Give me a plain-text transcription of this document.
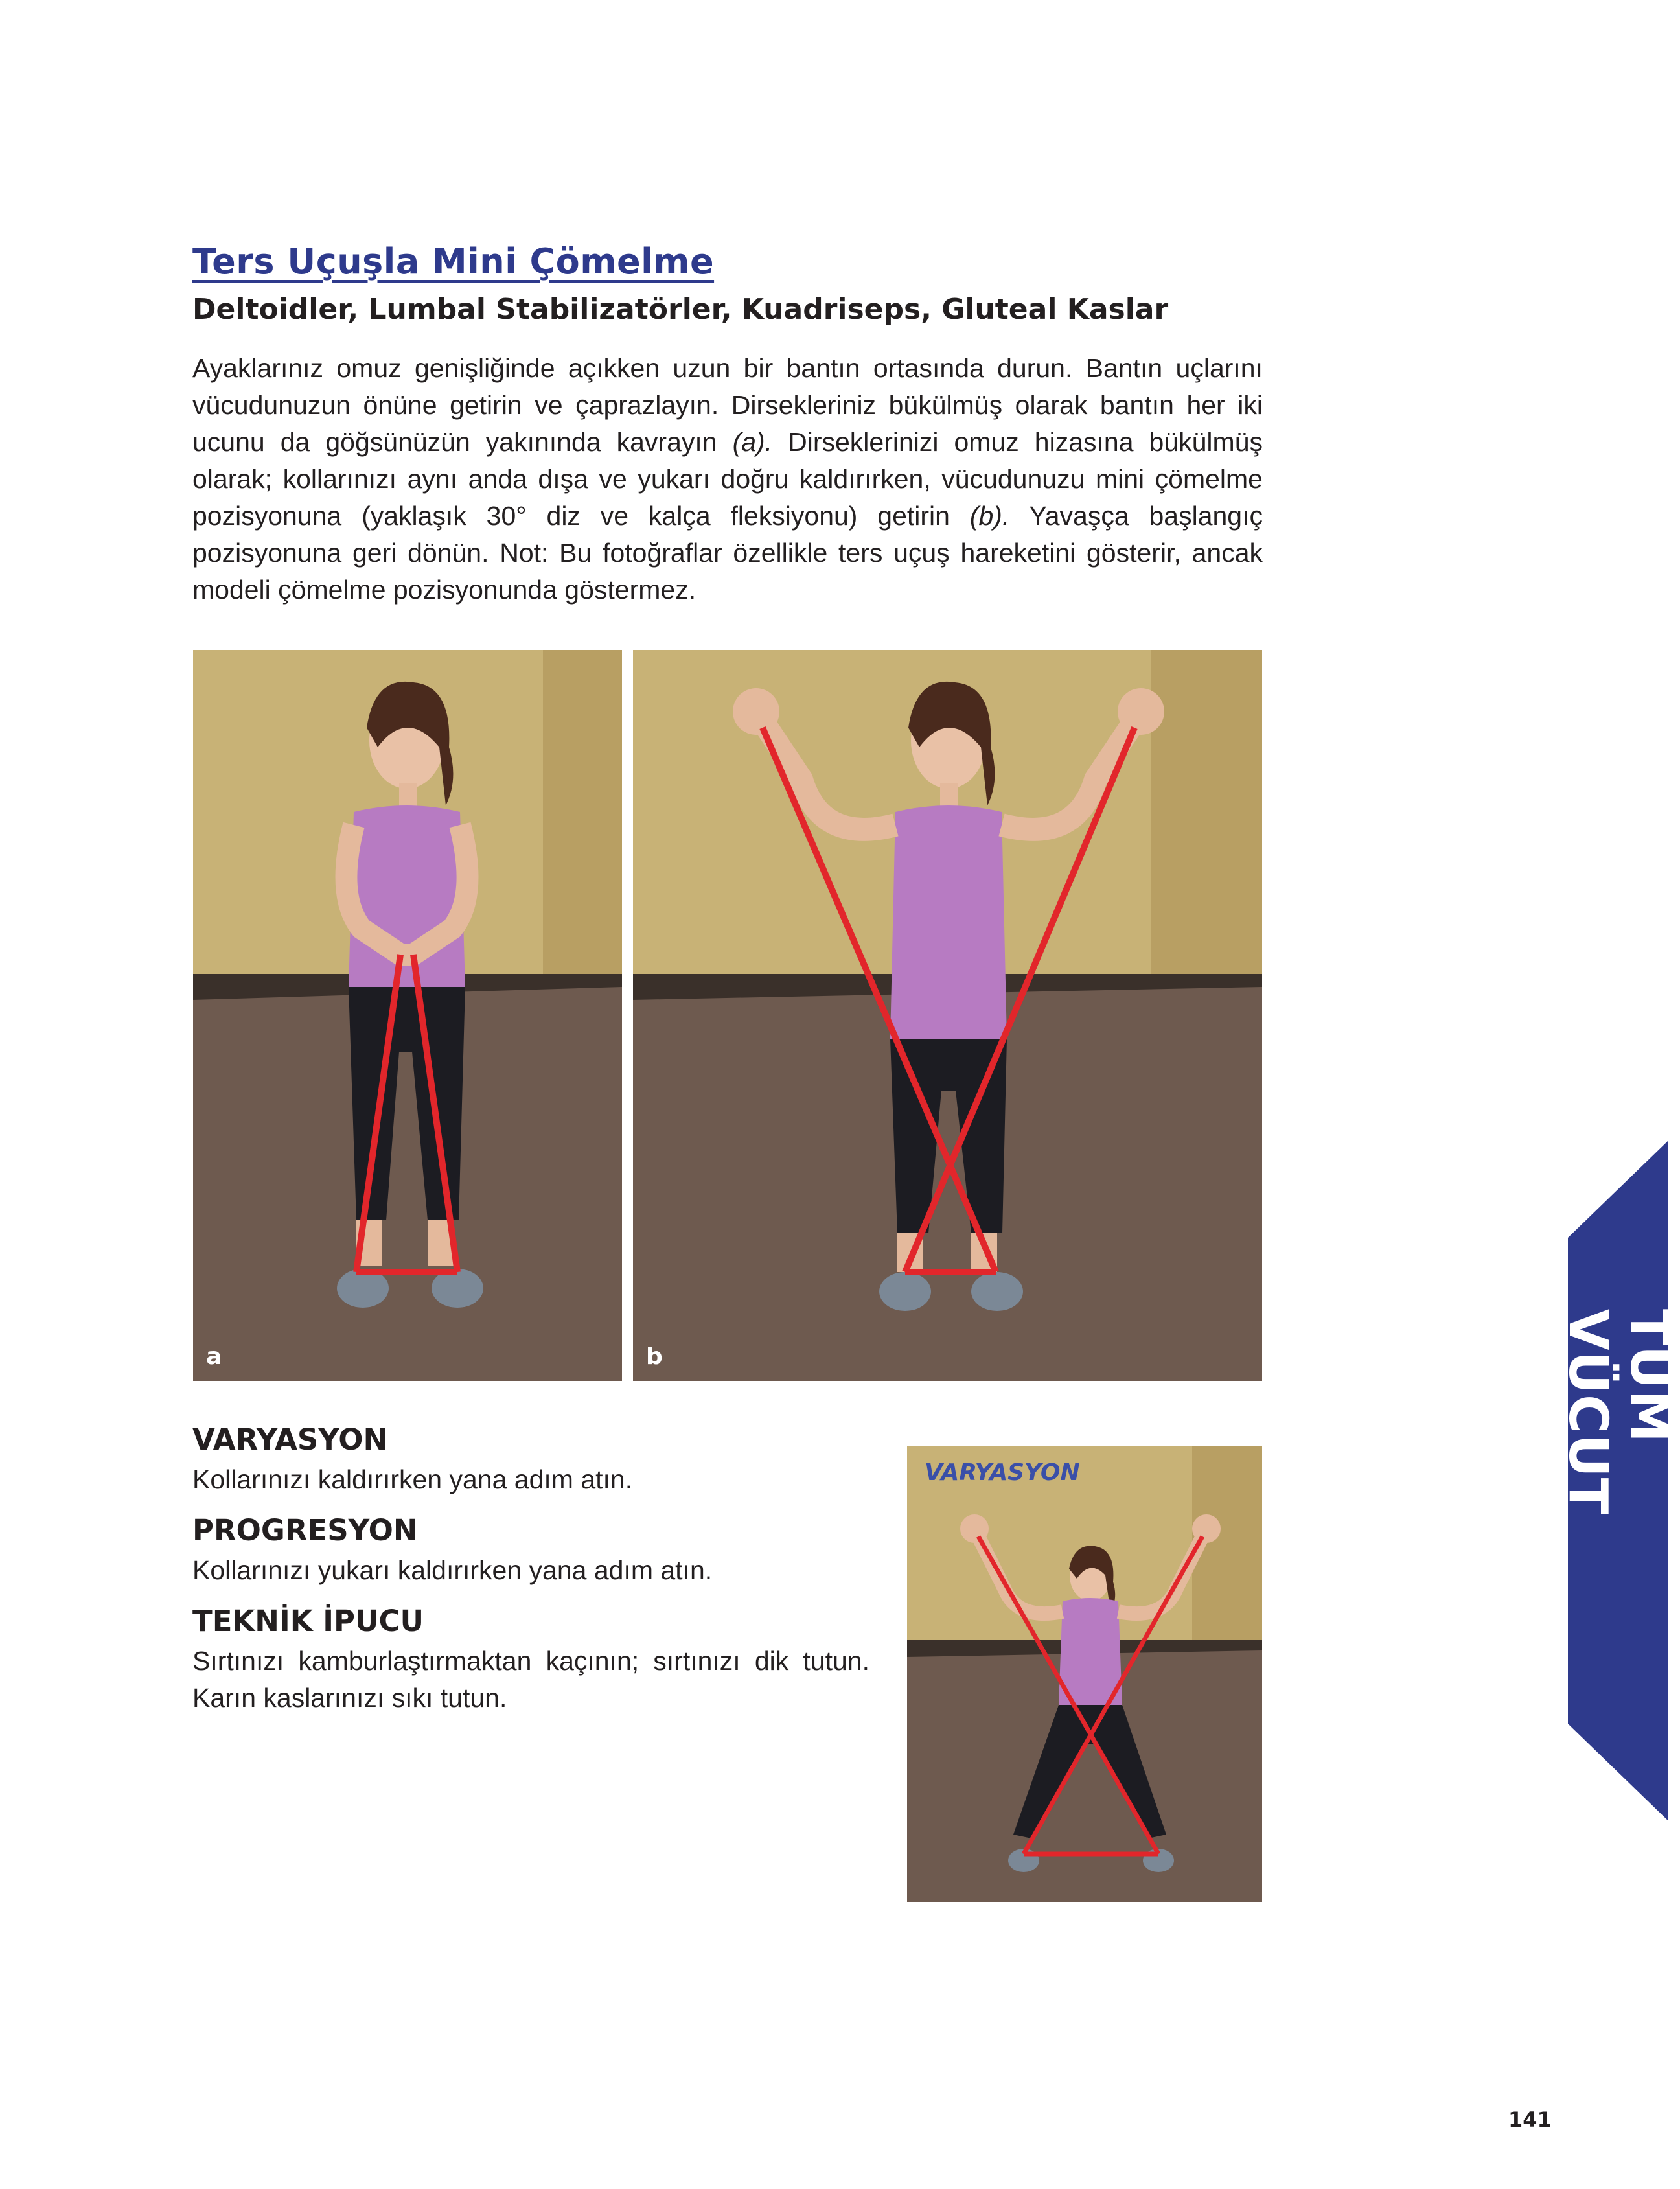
Ters Uçuşla Mini Çömelme
Deltoidler, Lumbal Stabilizatörler, Kuadriseps, Gluteal Kaslar

Ayaklarınız omuz genişliğinde açıkken uzun bir bantın ortasında durun. Bantın uçlarını vücudunuzun önüne getirin ve çaprazlayın. Dirsekleriniz bükülmüş olarak bantın her iki ucunu da göğsünüzün yakınında kavrayın (a). Dirseklerinizi omuz hizasına bükülmüş olarak; kollarınızı aynı anda dışa ve yukarı doğru kaldırırken, vücudunuzu mini çömelme pozisyonuna (yaklaşık 30° diz ve kalça fleksiyonu) getirin (b). Yavaşça başlangıç pozisyonuna geri dönün. Not: Bu fotoğraflar özellikle ters uçuş hareketini gösterir, ancak modeli çömelme pozisyonunda göstermez.

a	b
VARYASYON
VARYASYON

Kollarınızı kaldırırken yana adım atın.

PROGRESYON

Kollarınızı yukarı kaldırırken yana adım atın.

TEKNİK İPUCU

Sırtınızı kamburlaştırmaktan kaçının; sırtınızı dik tutun.

Karın kaslarınızı sıkı tutun.

TÜM VÜCUT
141
